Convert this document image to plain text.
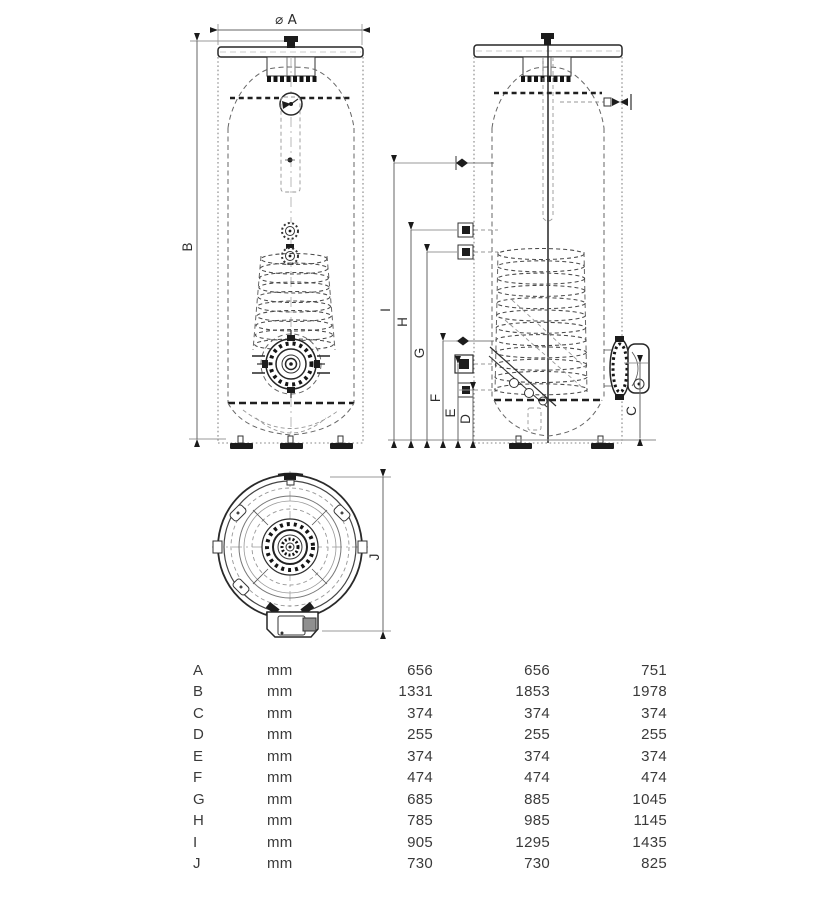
⌀ A
B
I
H
G
F
E
D
C
J
A	mm	656	656	751
B	mm	1331	1853	1978
C	mm	374	374	374
D	mm	255	255	255
E	mm	374	374	374
F	mm	474	474	474
G	mm	685	885	1045
H	mm	785	985	1145
I	mm	905	1295	1435
J	mm	730	730	825
